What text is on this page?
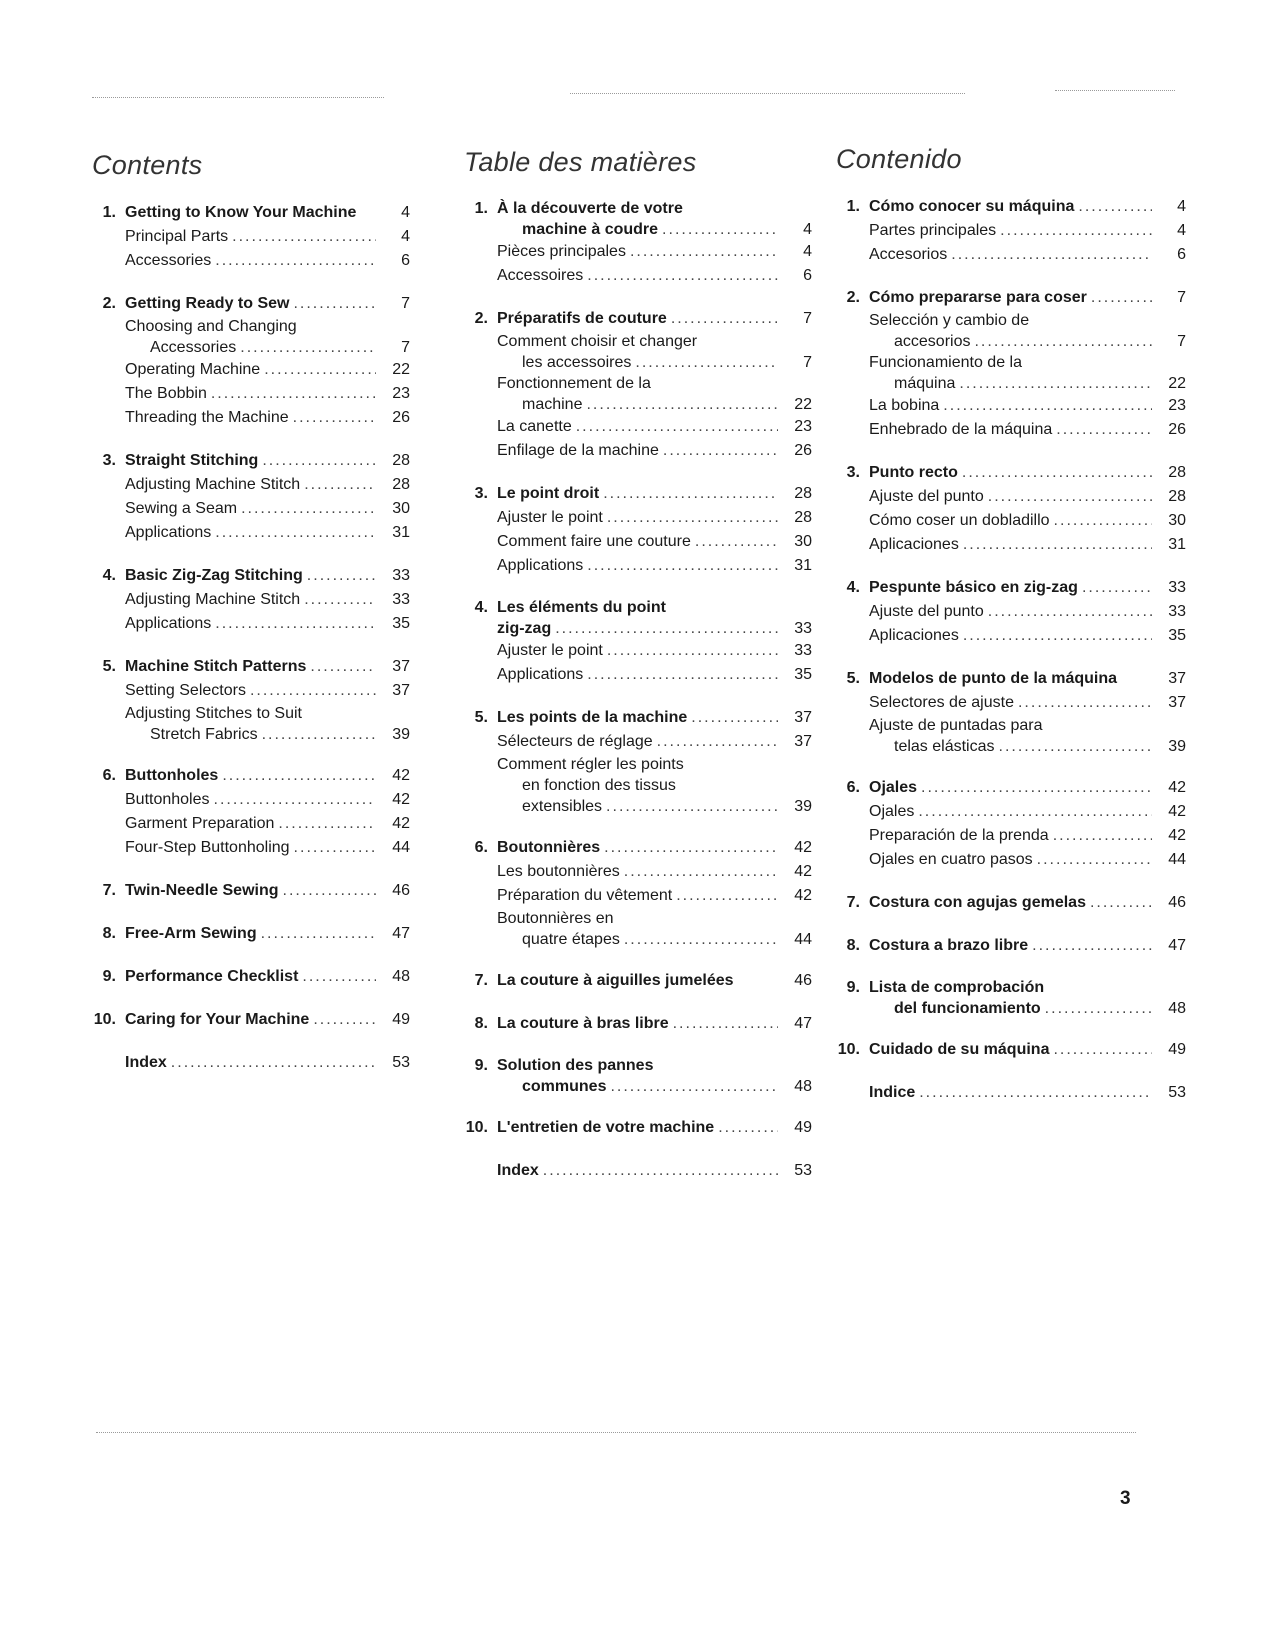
Contents
1. Getting to Know Your Machine	4
Principal Parts .....	4
Accessories .....	6
2. Getting Ready to Sew .....	7
Choosing and Changing
Accessories .....	7
Operating Machine .....	22
The Bobbin .....	23
Threading the Machine .....	26
3. Straight Stitching .....	28
Adjusting Machine Stitch .....	28
Sewing a Seam .....	30
Applications .....	31
4. Basic Zig-Zag Stitching .....	33
Adjusting Machine Stitch .....	33
Applications .....	35
5. Machine Stitch Patterns .....	37
Setting Selectors .....	37
Adjusting Stitches to Suit
Stretch Fabrics .....	39
6. Buttonholes .....	42
Buttonholes .....	42
Garment Preparation .....	42
Four-Step Buttonholing .....	44
7. Twin-Needle Sewing .....	46
8. Free-Arm Sewing .....	47
9. Performance Checklist .....	48
10. Caring for Your Machine .....	49
Index .....	53
Table des matières
1. À la découverte de votre
machine à coudre .....	4
Pièces principales .....	4
Accessoires .....	6
2. Préparatifs de couture .....	7
Comment choisir et changer
les accessoires .....	7
Fonctionnement de la
machine .....	22
La canette .....	23
Enfilage de la machine .....	26
3. Le point droit .....	28
Ajuster le point .....	28
Comment faire une couture .....	30
Applications .....	31
4. Les éléments du point
zig-zag .....	33
Ajuster le point .....	33
Applications .....	35
5. Les points de la machine .....	37
Sélecteurs de réglage .....	37
Comment régler les points
en fonction des tissus
extensibles .....	39
6. Boutonnières .....	42
Les boutonnières .....	42
Préparation du vêtement .....	42
Boutonnières en
quatre étapes .....	44
7. La couture à aiguilles jumelées	46
8. La couture à bras libre .....	47
9. Solution des pannes
communes .....	48
10. L'entretien de votre machine .....	49
Index .....	53
Contenido
1. Cómo conocer su máquina .....	4
Partes principales .....	4
Accesorios .....	6
2. Cómo prepararse para coser .....	7
Selección y cambio de
accesorios .....	7
Funcionamiento de la
máquina .....	22
La bobina .....	23
Enhebrado de la máquina .....	26
3. Punto recto .....	28
Ajuste del punto .....	28
Cómo coser un dobladillo .....	30
Aplicaciones .....	31
4. Pespunte básico en zig-zag .....	33
Ajuste del punto .....	33
Aplicaciones .....	35
5. Modelos de punto de la máquina	37
Selectores de ajuste .....	37
Ajuste de puntadas para
telas elásticas .....	39
6. Ojales .....	42
Ojales .....	42
Preparación de la prenda .....	42
Ojales en cuatro pasos .....	44
7. Costura con agujas gemelas .....	46
8. Costura a brazo libre .....	47
9. Lista de comprobación
del funcionamiento .....	48
10. Cuidado de su máquina .....	49
Indice .....	53
3
